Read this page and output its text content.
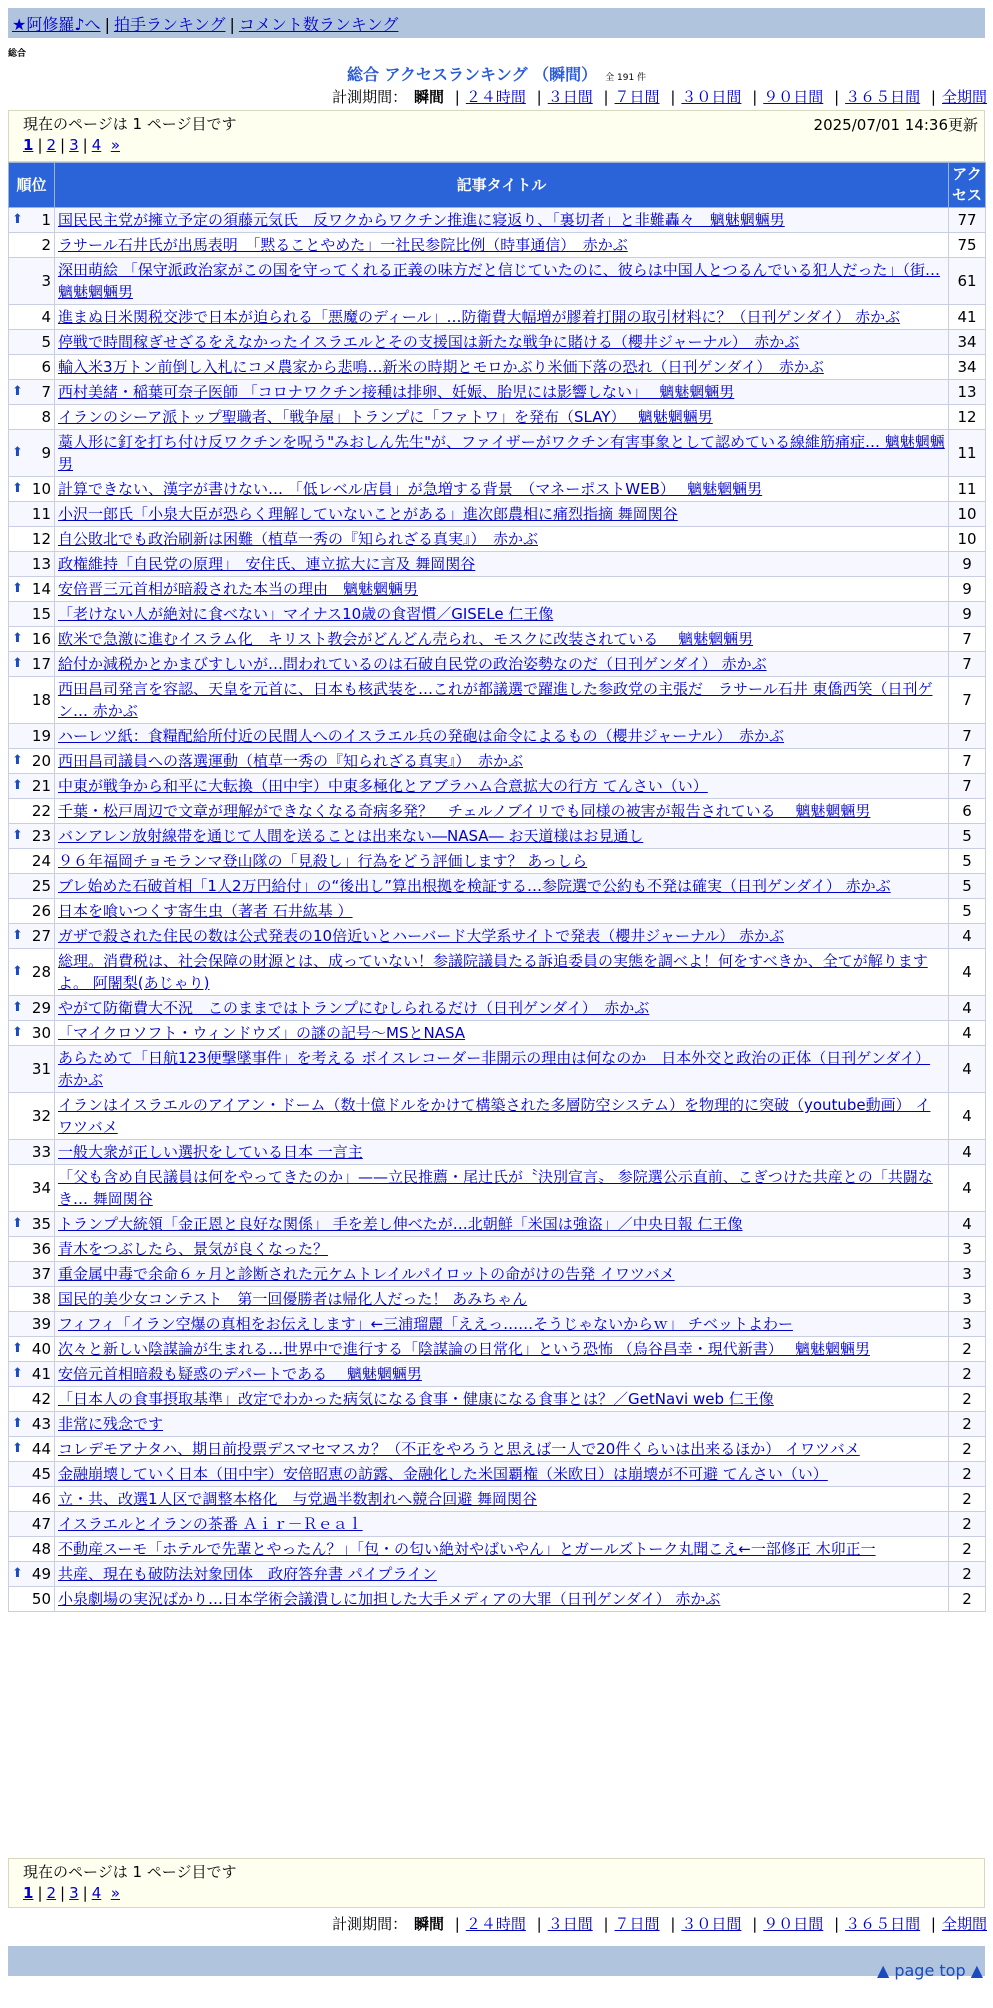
★阿修羅♪へ | 拍手ランキング | コメント数ランキング
総合
総合 アクセスランキング （瞬間） 全 191 件
計測期間： 瞬間 | ２４時間 | ３日間 | ７日間 | ３０日間 | ９０日間 | ３６５日間 | 全期間
現在のページは 1 ページ目です	2025/07/01 14:36更新
1 | 2 | 3 | 4 »
順位	記事タイトル	アクセス

⬆ 1	国民民主党が擁立予定の須藤元気氏　反ワクからワクチン推進に寝返り、「裏切者」と非難轟々　魑魅魍魎男	77
2	ラサール石井氏が出馬表明　「黙ることやめた」一社民参院比例（時事通信）　赤かぶ	75
3	深田萌絵 「保守派政治家がこの国を守ってくれる正義の味方だと信じていたのに、彼らは中国人とつるんでいる犯人だった」（街… 魑魅魍魎男	61
4	進まぬ日米関税交渉で日本が迫られる「悪魔のディール」…防衛費大幅増が膠着打開の取引材料に？（日刊ゲンダイ） 赤かぶ	41
5	停戦で時間稼ぎせざるをえなかったイスラエルとその支援国は新たな戦争に賭ける（櫻井ジャーナル）　赤かぶ	34
6	輸入米3万トン前倒し入札にコメ農家から悲鳴…新米の時期とモロかぶり米価下落の恐れ（日刊ゲンダイ）　赤かぶ	34

⬆ 7	西村美緒・稲葉可奈子医師 「コロナワクチン接種は排卵、妊娠、胎児には影響しない」　 魑魅魍魎男	13
8	イランのシーア派トップ聖職者、「戦争屋」トランプに「ファトワ」を発布（SLAY）　 魑魅魍魎男	12

⬆ 9	藁人形に釘を打ち付け反ワクチンを呪う"みおしん先生"が、ファイザーがワクチン有害事象として認めている線維筋痛症… 魑魅魍魎男	11

⬆ 10	計算できない、漢字が書けない… 「低レベル店員」が急増する背景　（マネーポストWEB）　 魑魅魍魎男	11
11	小沢一郎氏「小泉大臣が恐らく理解していないことがある」進次郎農相に痛烈指摘 舞岡関谷	10
12	自公敗北でも政治刷新は困難（植草一秀の『知られざる真実』）　赤かぶ	10
13	政権維持「自民党の原理」　安住氏、連立拡大に言及 舞岡関谷	9

⬆ 14	安倍晋三元首相が暗殺された本当の理由　魑魅魍魎男	9
15	「老けない人が絶対に食べない」マイナス10歳の食習慣／GISELe 仁王像	9

⬆ 16	欧米で急激に進むイスラム化　キリスト教会がどんどん売られ、モスクに改装されている　 魑魅魍魎男	7

⬆ 17	給付か減税かとかまびすしいが…問われているのは石破自民党の政治姿勢なのだ（日刊ゲンダイ） 赤かぶ	7
18	西田昌司発言を容認、天皇を元首に、日本も核武装を…これが都議選で躍進した参政党の主張だ　ラサール石井 東僑西笑（日刊ゲン… 赤かぶ	7
19	ハーレツ紙：食糧配給所付近の民間人へのイスラエル兵の発砲は命令によるもの（櫻井ジャーナル）　赤かぶ	7

⬆ 20	西田昌司議員への落選運動（植草一秀の『知られざる真実』）　赤かぶ	7

⬆ 21	中東が戦争から和平に大転換（田中宇）中東多極化とアブラハム合意拡大の行方 てんさい（い）	7
22	千葉・松戸周辺で文章が理解ができなくなる奇病多発？　チェルノブイリでも同様の被害が報告されている　 魑魅魍魎男	6

⬆ 23	バンアレン放射線帯を通じて人間を送ることは出来ない―NASA― お天道様はお見通し	5
24	９６年福岡チョモランマ登山隊の「見殺し」行為をどう評価します？ あっしら	5
25	ブレ始めた石破首相「1人2万円給付」の“後出し”算出根拠を検証する…参院選で公約も不発は確実（日刊ゲンダイ） 赤かぶ	5
26	日本を喰いつくす寄生虫（著者 石井紘基 ）	5

⬆ 27	ガザで殺された住民の数は公式発表の10倍近いとハーバード大学系サイトで発表（櫻井ジャーナル） 赤かぶ	4

⬆ 28	総理。消費税は、社会保障の財源とは、成っていない！参議院議員たる訴追委員の実態を調べよ！何をすべきか、全てが解りますよ。 阿闍梨(あじゃり)	4

⬆ 29	やがて防衛費大不況　このままではトランプにむしられるだけ（日刊ゲンダイ）　赤かぶ	4

⬆ 30	「マイクロソフト・ウィンドウズ」の謎の記号～MSとNASA	4
31	あらためて「日航123便撃墜事件」を考える ボイスレコーダー非開示の理由は何なのか　日本外交と政治の正体（日刊ゲンダイ） 赤かぶ	4
32	イランはイスラエルのアイアン・ドーム（数十億ドルをかけて構築された多層防空システム）を物理的に突破（youtube動画） イワツバメ	4
33	一般大衆が正しい選択をしている日本 一言主	4
34	「父も含め自民議員は何をやってきたのか」——立民推薦・尾辻氏が〝決別宣言〟 参院選公示直前、こぎつけた共産との「共闘なき… 舞岡関谷	4

⬆ 35	トランプ大統領「金正恩と良好な関係」 手を差し伸べたが…北朝鮮「米国は強盗」／中央日報 仁王像	4
36	青木をつぶしたら、景気が良くなった？	3
37	重金属中毒で余命６ヶ月と診断された元ケムトレイルパイロットの命がけの告発 イワツバメ	3
38	国民的美少女コンテスト　第一回優勝者は帰化人だった！ あみちゃん	3
39	フィフィ「イラン空爆の真相をお伝えします」←三浦瑠麗「ええっ……そうじゃないからｗ」 チベットよわー	3

⬆ 40	次々と新しい陰謀論が生まれる…世界中で進行する「陰謀論の日常化」という恐怖 （烏谷昌幸・現代新書）　 魑魅魍魎男	2

⬆ 41	安倍元首相暗殺も疑惑のデパートである　 魑魅魍魎男	2
42	「日本人の食事摂取基準」改定でわかった病気になる食事・健康になる食事とは？／GetNavi web 仁王像	2

⬆ 43	非常に残念です	2

⬆ 44	コレデモアナタハ、期日前投票デスマセマスカ？（不正をやろうと思えば一人で20件くらいは出来るほか） イワツバメ	2
45	金融崩壊していく日本（田中宇）安倍昭恵の訪露、金融化した米国覇権（米欧日）は崩壊が不可避 てんさい（い）	2
46	立・共、改選1人区で調整本格化　与党過半数割れへ競合回避 舞岡関谷	2
47	イスラエルとイランの茶番 Ａｉｒ－Ｒｅａｌ	2
48	不動産スーモ「ホテルで先輩とやったん？」「包・の匂い絶対やばいやん」とガールズトーク丸聞こえ←一部修正 木卯正一	2

⬆ 49	共産、現在も破防法対象団体　政府答弁書 パイプライン	2
50	小泉劇場の実況ばかり…日本学術会議潰しに加担した大手メディアの大罪（日刊ゲンダイ） 赤かぶ	2
現在のページは 1 ページ目です
1 | 2 | 3 | 4 »
計測期間： 瞬間 | ２４時間 | ３日間 | ７日間 | ３０日間 | ９０日間 | ３６５日間 | 全期間
▲ page top ▲
